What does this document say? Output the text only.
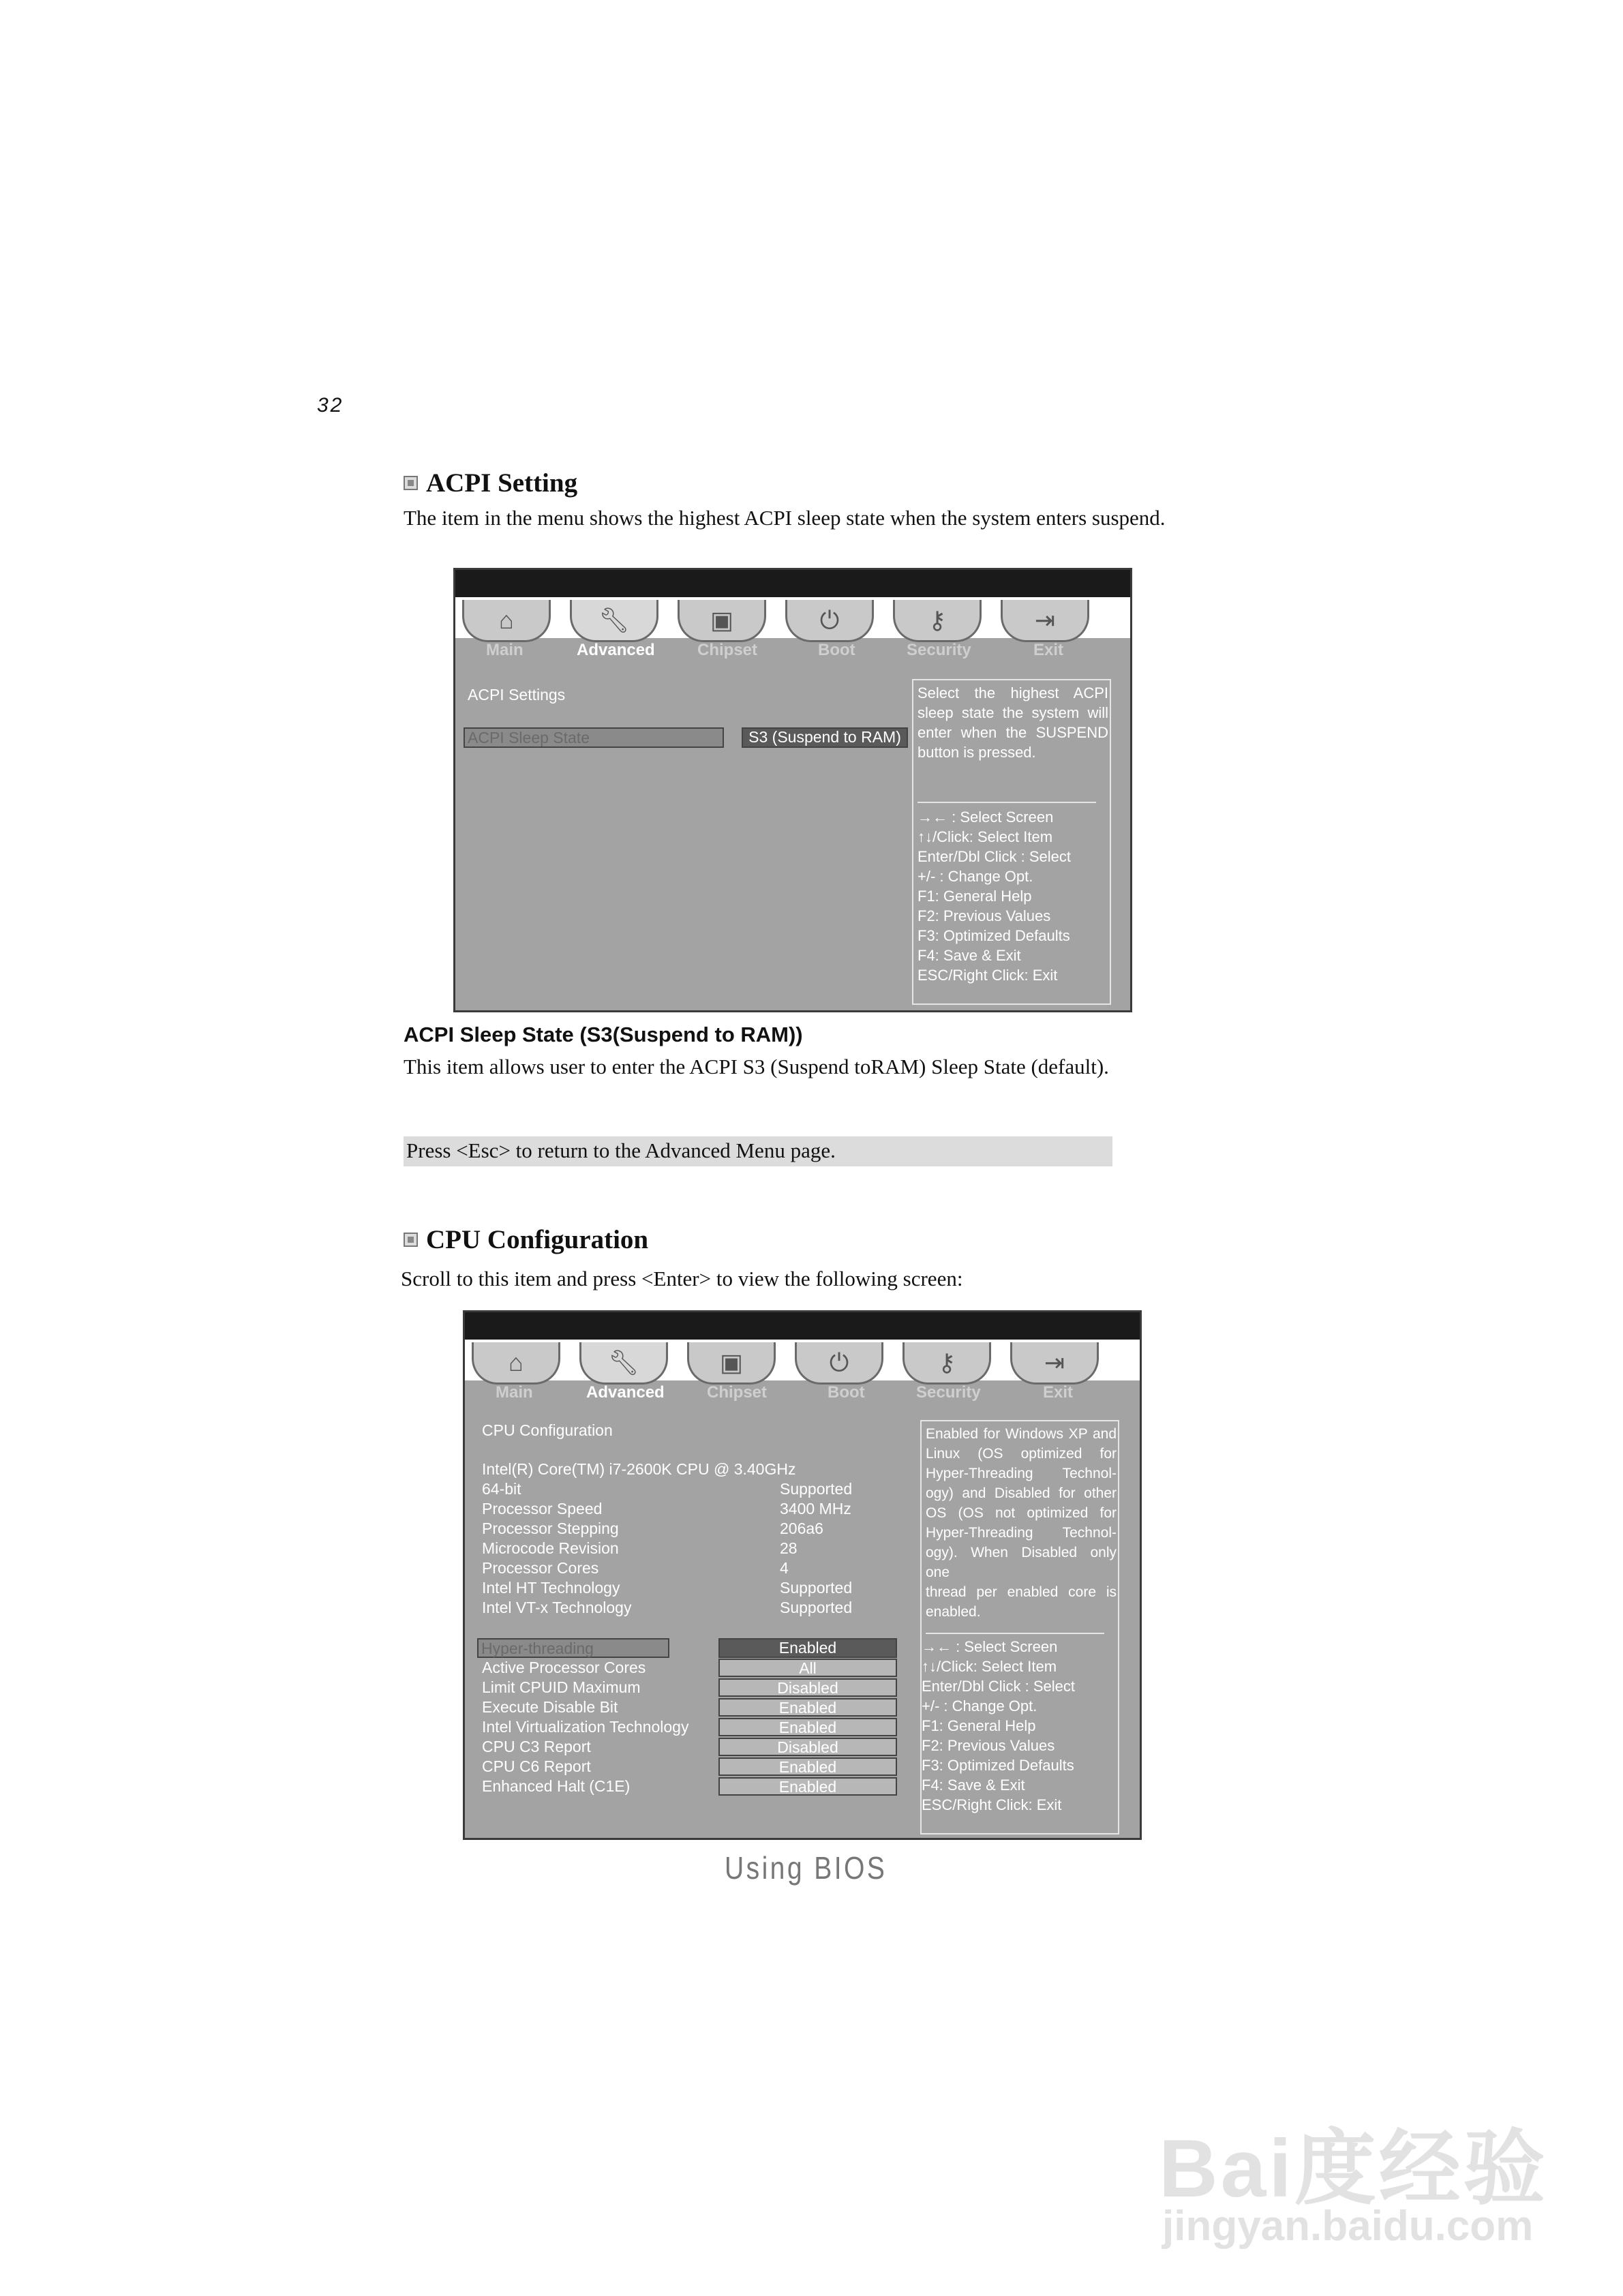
32
ACPI Setting
The item in the menu shows the highest ACPI sleep state when the system enters suspend.
⌂	🔧︎	▣	⏻	⚷	⇥
Main	Advanced	Chipset	Boot	Security	Exit
ACPI Settings
ACPI Sleep State	S3 (Suspend to RAM)
Select the highest ACPI
sleep state the system will
enter when the SUSPEND
button is pressed.
→← : Select Screen
↑↓/Click: Select Item
Enter/Dbl Click : Select
+/- : Change Opt.
F1: General Help
F2: Previous Values
F3: Optimized Defaults
F4: Save & Exit
ESC/Right Click: Exit
ACPI Sleep State (S3(Suspend to RAM))
This item allows user to enter the ACPI S3 (Suspend toRAM) Sleep State (default).
Press <Esc> to return to the Advanced Menu page.
CPU Configuration
Scroll to this item and press <Enter> to view the following screen:
⌂	🔧︎	▣	⏻	⚷	⇥
Main	Advanced	Chipset	Boot	Security	Exit
CPU Configuration
Intel(R) Core(TM) i7-2600K CPU @ 3.40GHz
64-bit	Supported
Processor Speed	3400 MHz
Processor Stepping	206a6
Microcode Revision	28
Processor Cores	4
Intel HT Technology	Supported
Intel VT-x Technology	Supported
Hyper-threading	Enabled
Active Processor Cores	All
Limit CPUID Maximum	Disabled
Execute Disable Bit	Enabled
Intel Virtualization Technology	Enabled
CPU C3 Report	Disabled
CPU C6 Report	Enabled
Enhanced Halt (C1E)	Enabled
Enabled for Windows XP and
Linux (OS optimized for
Hyper-Threading Technol-
ogy) and Disabled for other
OS (OS not optimized for
Hyper-Threading Technol-
ogy). When Disabled only one
thread per enabled core is
enabled.
→← : Select Screen
↑↓/Click: Select Item
Enter/Dbl Click : Select
+/- : Change Opt.
F1: General Help
F2: Previous Values
F3: Optimized Defaults
F4: Save & Exit
ESC/Right Click: Exit
Using BIOS
Bai度经验
jingyan.baidu.com
